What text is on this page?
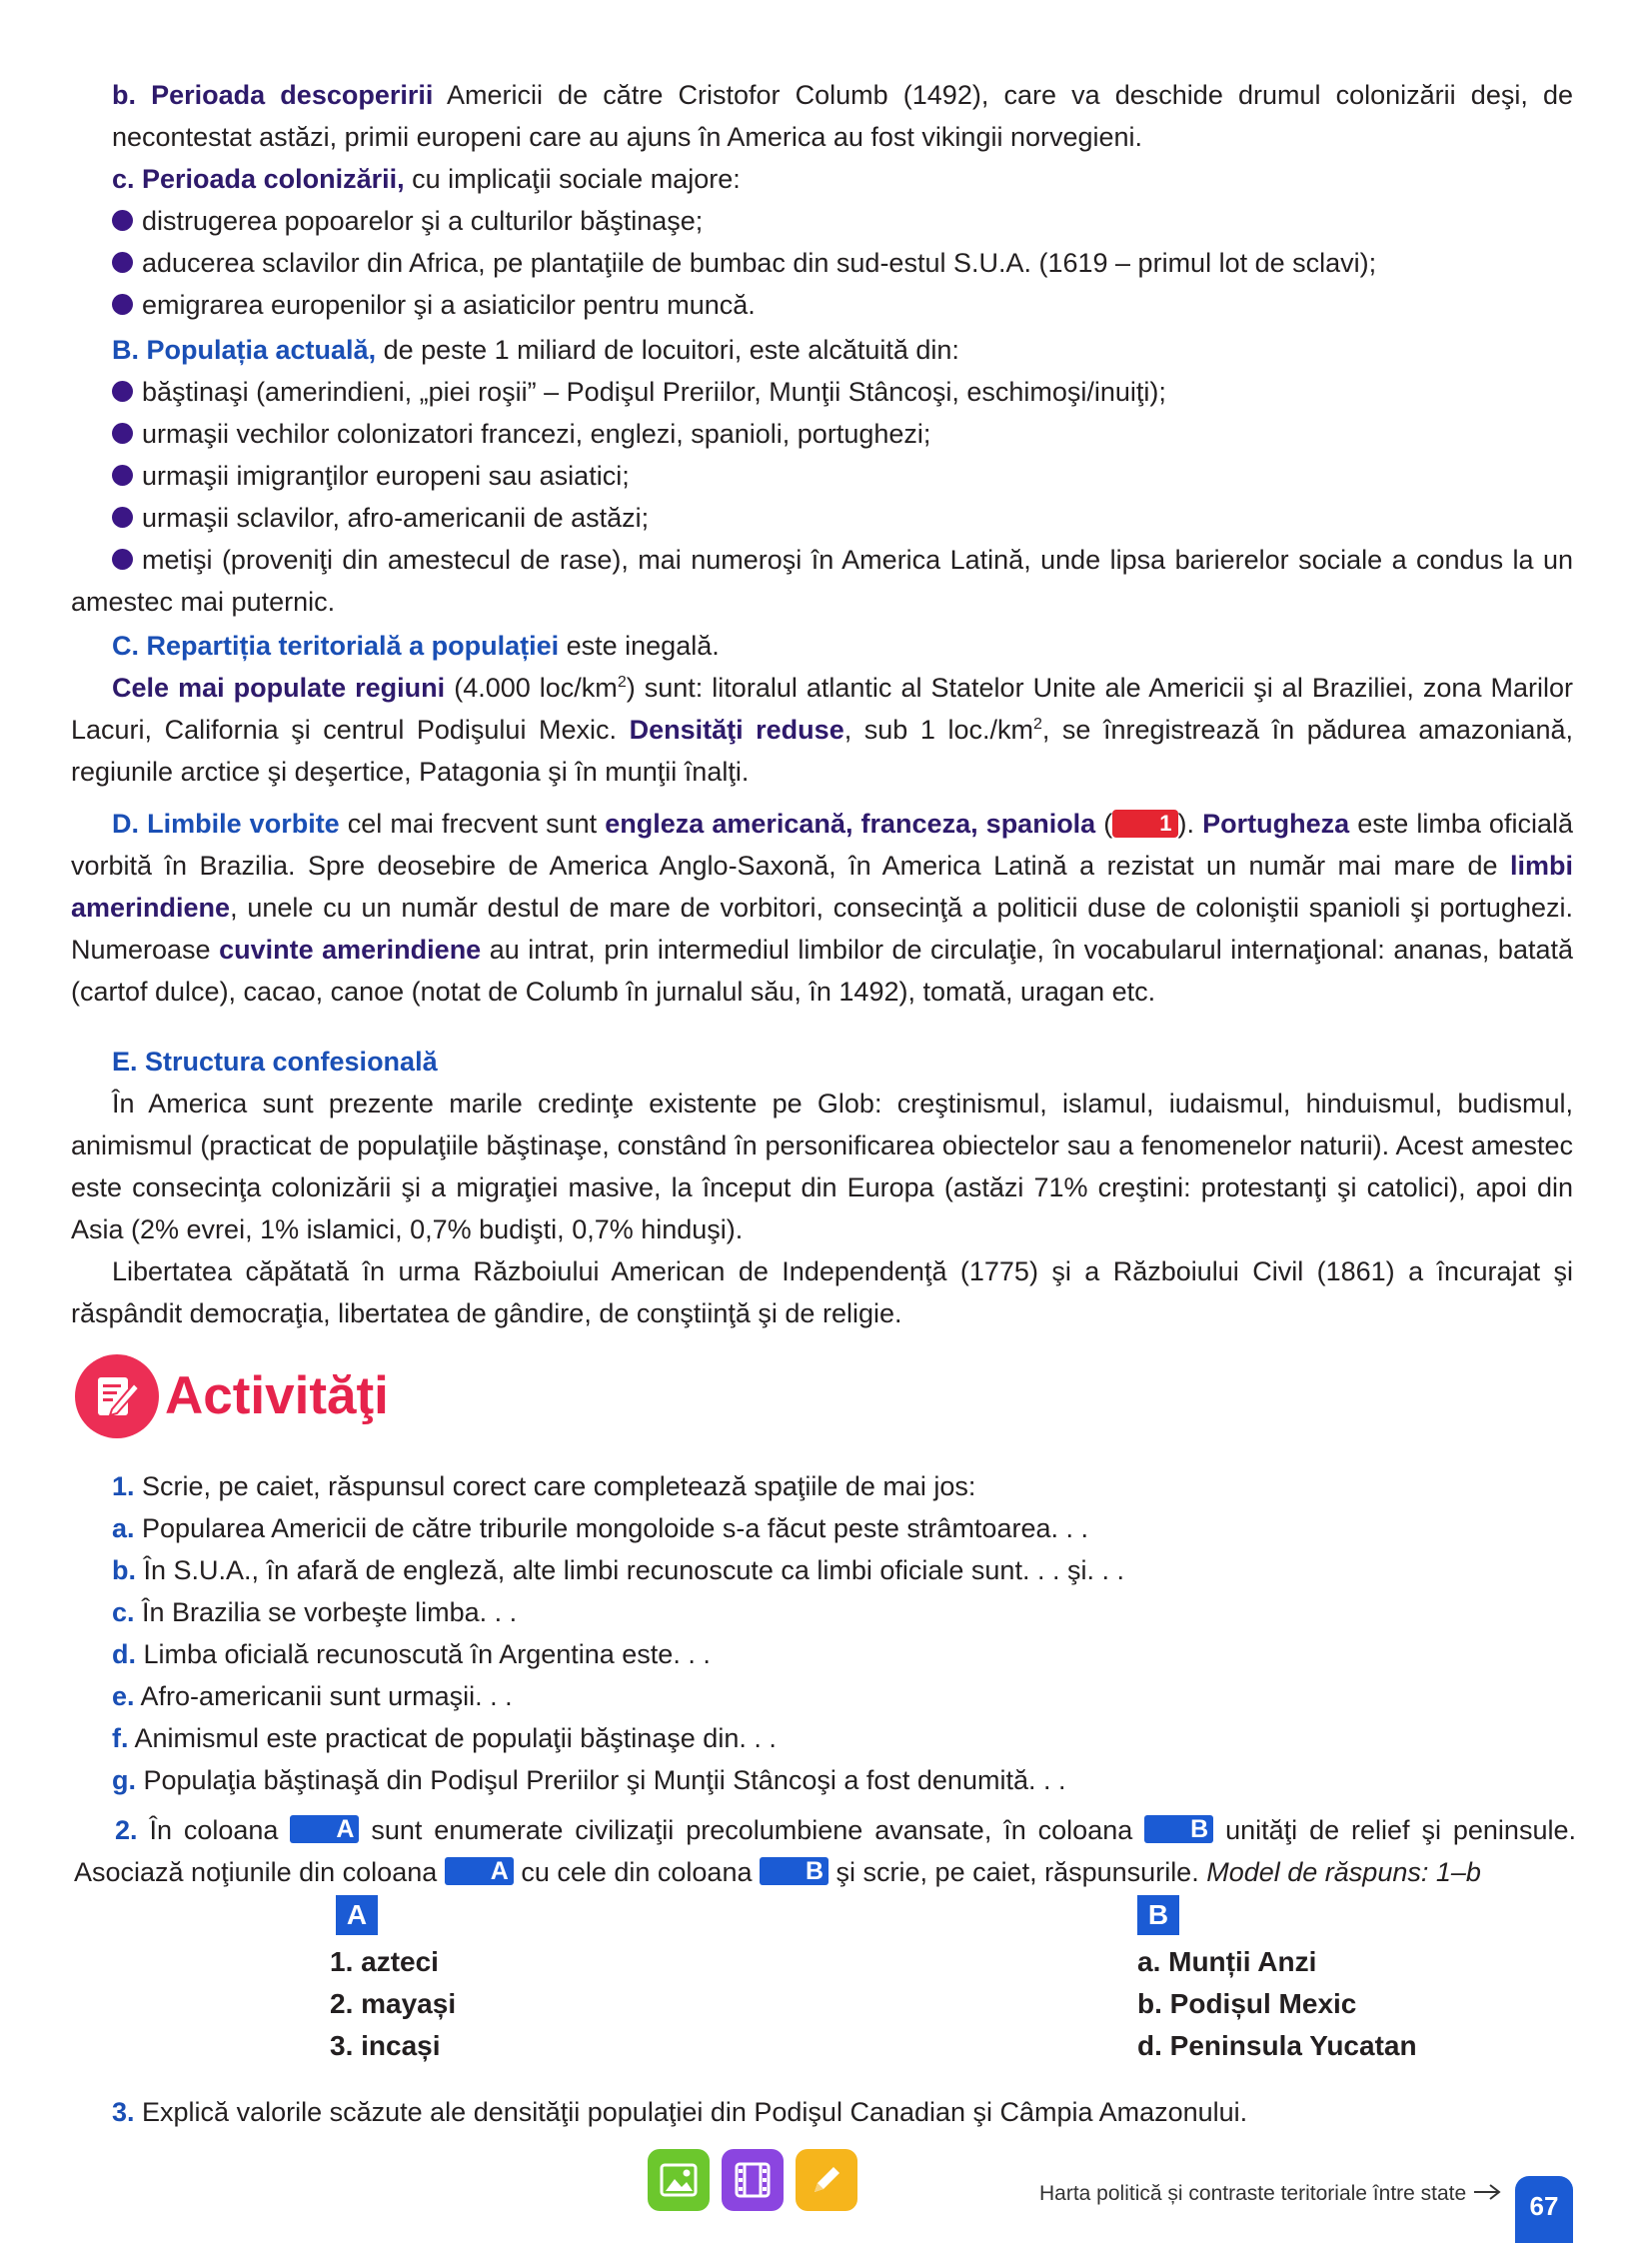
b. Perioada descoperirii Americii de către Cristofor Columb (1492), care va deschide drumul colonizării deşi, de necontestat astăzi, primii europeni care au ajuns în America au fost vikingii norvegieni.

c. Perioada colonizării, cu implicaţii sociale majore:

distrugerea popoarelor şi a culturilor băştinaşe;

aducerea sclavilor din Africa, pe plantaţiile de bumbac din sud-estul S.U.A. (1619 – primul lot de sclavi);

emigrarea europenilor şi a asiaticilor pentru muncă.

B. Populația actuală, de peste 1 miliard de locuitori, este alcătuită din:

băştinaşi (amerindieni, „piei roşii” – Podişul Preriilor, Munţii Stâncoşi, eschimoşi/inuiţi);

urmaşii vechilor colonizatori francezi, englezi, spanioli, portughezi;

urmaşii imigranţilor europeni sau asiatici;

urmaşii sclavilor, afro-americanii de astăzi;

metişi (proveniţi din amestecul de rase), mai numeroşi în America Latină, unde lipsa barierelor sociale a condus la un amestec mai puternic.

C. Repartiția teritorială a populației este inegală.

Cele mai populate regiuni (4.000 loc/$km^2$) sunt: litoralul atlantic al Statelor Unite ale Americii şi al Braziliei, zona Marilor Lacuri, California şi centrul Podişului Mexic. Densităţi reduse, sub 1 $loc./km^2$, se înregistrează în pădurea amazoniană, regiunile arctice şi deşertice, Patagonia şi în munţii înalţi.

D. Limbile vorbite cel mai frecvent sunt engleza americană, franceza, spaniola ( 1 ). Portugheza este limba oficială vorbită în Brazilia. Spre deosebire de America Anglo-Saxonă, în America Latină a rezistat un număr mai mare de limbi amerindiene, unele cu un număr destul de mare de vorbitori, consecinţă a politicii duse de coloniştii spanioli şi portughezi. Numeroase cuvinte amerindiene au intrat, prin intermediul limbilor de circulaţie, în vocabularul internaţional: ananas, batată (cartof dulce), cacao, canoe (notat de Columb în jurnalul său, în 1492), tomată, uragan etc.

E. Structura confesională

În America sunt prezente marile credinţe existente pe Glob: creştinismul, islamul, iudaismul, hinduismul, budismul, animismul (practicat de populaţiile băştinaşe, constând în personificarea obiectelor sau a fenomenelor naturii). Acest amestec este consecinţa colonizării şi a migraţiei masive, la început din Europa (astăzi 71% creştini: protestanţi şi catolici), apoi din Asia (2% evrei, 1% islamici, 0,7% budişti, 0,7% hinduşi).

Libertatea căpătată în urma Războiului American de Independenţă (1775) şi a Războiului Civil (1861) a încurajat şi răspândit democraţia, libertatea de gândire, de conştiinţă şi de religie.

Activităţi

1. Scrie, pe caiet, răspunsul corect care completează spaţiile de mai jos:

a. Popularea Americii de către triburile mongoloide s-a făcut peste strâmtoarea. . .

b. În S.U.A., în afară de engleză, alte limbi recunoscute ca limbi oficiale sunt. . . şi. . .

c. În Brazilia se vorbeşte limba. . .

d. Limba oficială recunoscută în Argentina este. . .

e. Afro-americanii sunt urmaşii. . .

f. Animismul este practicat de populaţii băştinaşe din. . .

g. Populaţia băştinaşă din Podişul Preriilor şi Munţii Stâncoşi a fost denumită. . .

2. În coloana A sunt enumerate civilizaţii precolumbiene avansate, în coloana B unităţi de relief şi peninsule. Asociază noţiunile din coloana A cu cele din coloana B şi scrie, pe caiet, răspunsurile. Model de răspuns: 1–b

A
1. azteci
2. mayași
3. incași
B
a. Munții Anzi
b. Podișul Mexic
d. Peninsula Yucatan

3. Explică valorile scăzute ale densităţii populaţiei din Podişul Canadian şi Câmpia Amazonului.

Harta politică și contraste teritoriale între state	67
